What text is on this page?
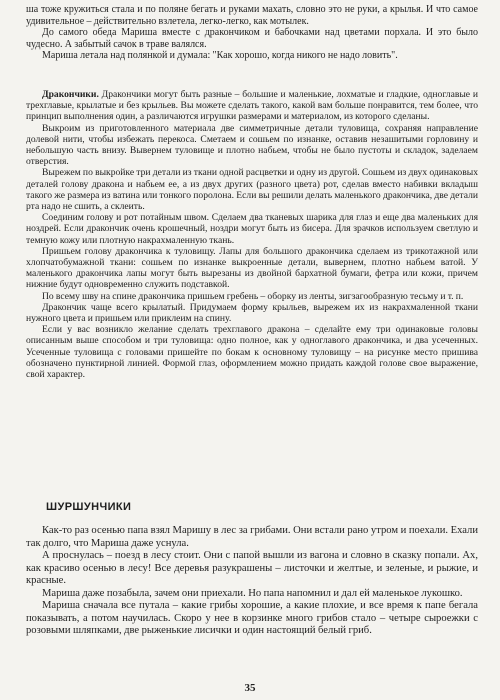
ша тоже кружиться стала и по поляне бегать и руками махать, словно это не руки, а крылья. И что самое удивительное – действительно взлетела, легко-легко, как мотылек.

До самого обеда Мариша вместе с дракончиком и бабочками над цветами порхала. И это было чудесно. А забытый сачок в траве валялся.

Мариша летала над полянкой и думала: "Как хорошо, когда никого не надо ловить".

Дракончики. Дракончики могут быть разные – большие и маленькие, лохматые и гладкие, одноглавые и трехглавые, крылатые и без крыльев. Вы можете сделать такого, какой вам больше понравится, тем более, что принцип выполнения один, а различаются игрушки размерами и материалом, из которого сделаны.

Выкроим из приготовленного материала две симметричные детали туловища, сохраняя направление долевой нити, чтобы избежать перекоса. Сметаем и сошьем по изнанке, оставив незашитыми горловину и небольшую часть внизу. Вывернем туловище и плотно набьем, чтобы не было пустоты и складок, заделаем отверстия.

Вырежем по выкройке три детали из ткани одной расцветки и одну из другой. Сошьем из двух одинаковых деталей голову дракона и набьем ее, а из двух других (разного цвета) рот, сделав вместо набивки вкладыш такого же размера из ватина или тонкого поролона. Если вы решили делать маленького дракончика, две детали рта надо не сшить, а склеить.

Соединим голову и рот потайным швом. Сделаем два тканевых шарика для глаз и еще два маленьких для ноздрей. Если дракончик очень крошечный, ноздри могут быть из бисера. Для зрачков используем светлую и темную кожу или плотную накрахмаленную ткань.

Пришьем голову дракончика к туловищу. Лапы для большого дракончика сделаем из трикотажной или хлопчатобумажной ткани: сошьем по изнанке выкроенные детали, вывернем, плотно набьем ватой. У маленького дракончика лапы могут быть вырезаны из двойной бархатной бумаги, фетра или кожи, причем нижние будут одновременно служить подставкой.

По всему шву на спине дракончика пришьем гребень – оборку из ленты, зигзагообразную тесьму и т. п.

Дракончик чаще всего крылатый. Придумаем форму крыльев, вырежем их из накрахмаленной ткани нужного цвета и пришьем или приклеим на спину.

Если у вас возникло желание сделать трехглавого дракона – сделайте ему три одинаковые головы описанным выше способом и три туловища: одно полное, как у одноглавого дракончика, и два усеченных. Усеченные туловища с головами пришейте по бокам к основному туловищу – на рисунке место пришива обозначено пунктирной линией. Формой глаз, оформлением можно придать каждой голове свое выражение, свой характер.

ШУРШУНЧИКИ

Как-то раз осенью папа взял Маришу в лес за грибами. Они встали рано утром и поехали. Ехали так долго, что Мариша даже уснула.

А проснулась – поезд в лесу стоит. Они с папой вышли из вагона и словно в сказку попали. Ах, как красиво осенью в лесу! Все деревья разукрашены – листочки и желтые, и зеленые, и рыжие, и красные.

Мариша даже позабыла, зачем они приехали. Но папа напомнил и дал ей маленькое лукошко.

Мариша сначала все путала – какие грибы хорошие, а какие плохие, и все время к папе бегала показывать, а потом научилась. Скоро у нее в корзинке много грибов стало – четыре сыроежки с розовыми шляпками, две рыженькие лисички и один настоящий белый гриб.

35
